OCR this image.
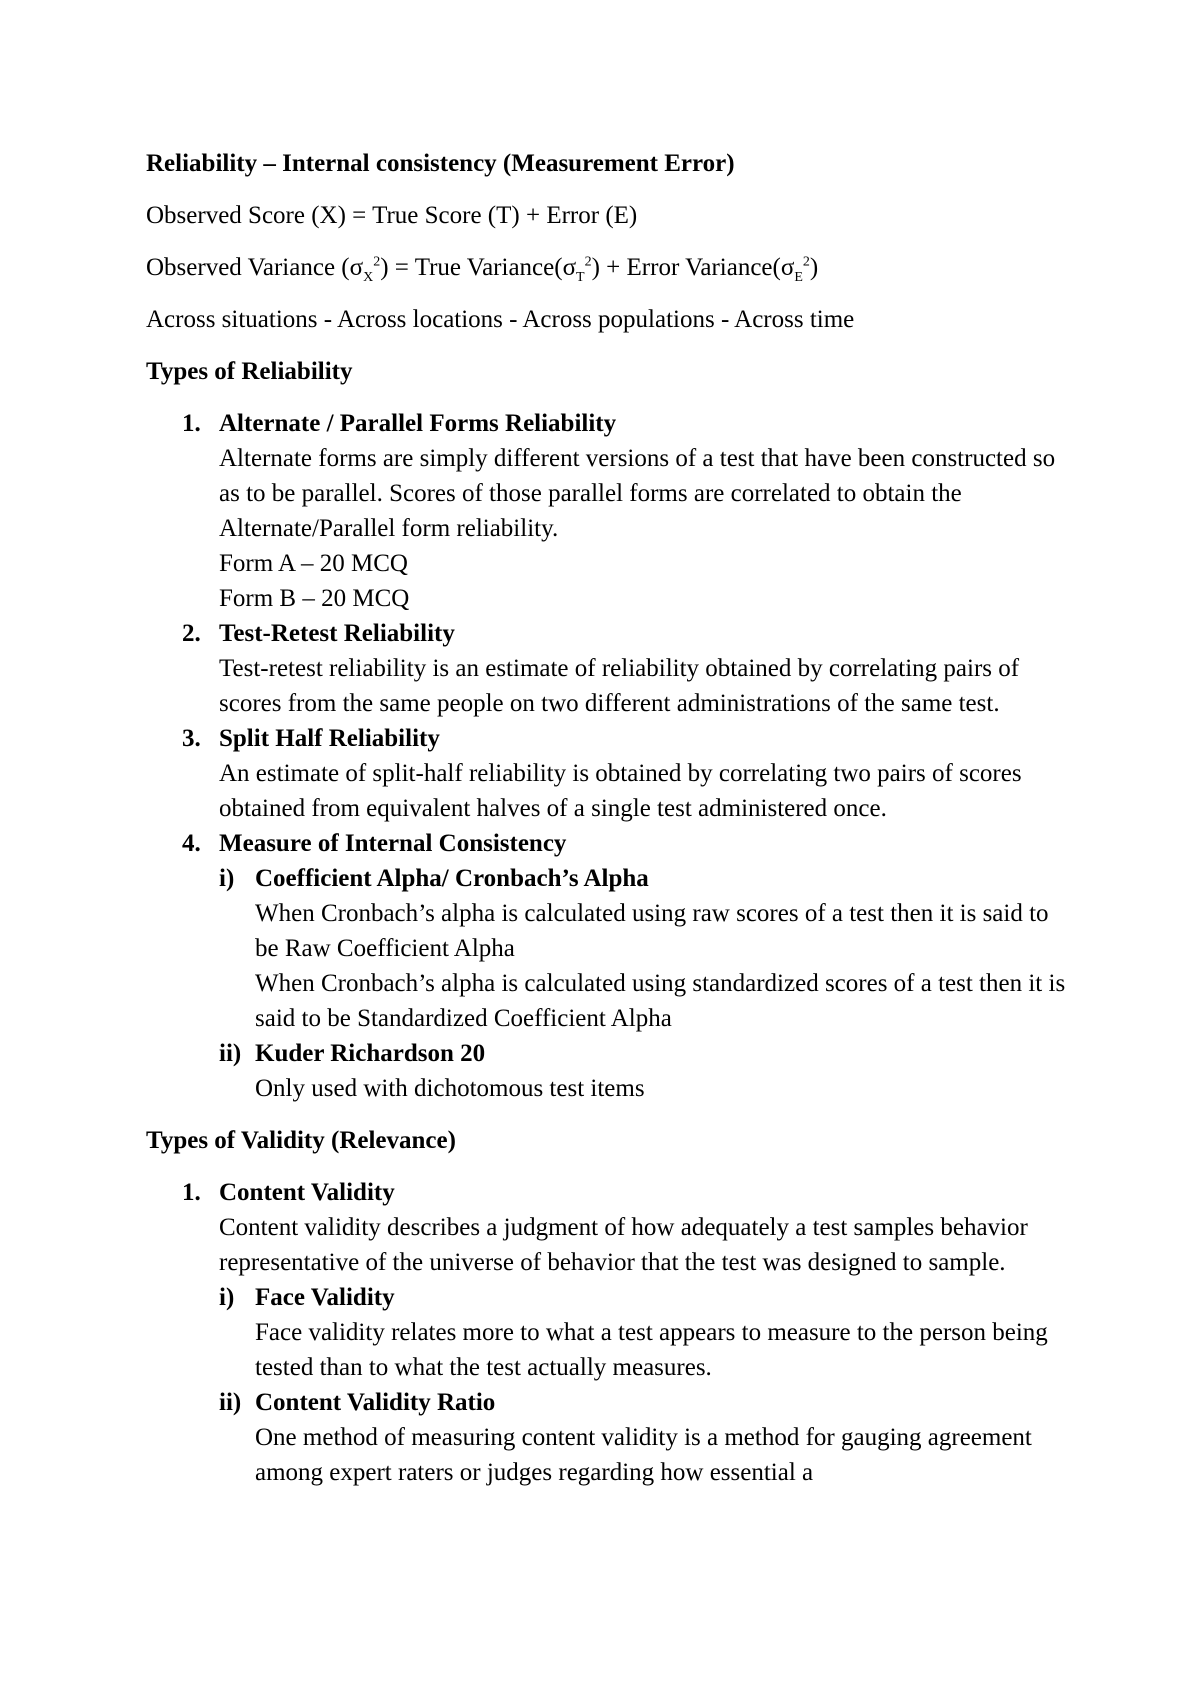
Reliability – Internal consistency (Measurement Error)

Observed Score (X) = True Score (T) + Error (E)

Observed Variance $(\sigma_X^2)$ = True $Variance(\sigma_T^2)$ + Error $Variance(\sigma_E^2)$

Across situations - Across locations - Across populations - Across time

Types of Reliability

1. Alternate / Parallel Forms Reliability
Alternate forms are simply different versions of a test that have been constructed so as to be parallel. Scores of those parallel forms are correlated to obtain the Alternate/Parallel form reliability.
Form A – 20 MCQ
Form B – 20 MCQ
2. Test-Retest Reliability
Test-retest reliability is an estimate of reliability obtained by correlating pairs of scores from the same people on two different administrations of the same test.
3. Split Half Reliability
An estimate of split-half reliability is obtained by correlating two pairs of scores obtained from equivalent halves of a single test administered once.
4. Measure of Internal Consistency
i) Coefficient Alpha/ Cronbach’s Alpha
When Cronbach’s alpha is calculated using raw scores of a test then it is said to be Raw Coefficient Alpha
When Cronbach’s alpha is calculated using standardized scores of a test then it is said to be Standardized Coefficient Alpha
ii) Kuder Richardson 20
Only used with dichotomous test items

Types of Validity (Relevance)

1. Content Validity
Content validity describes a judgment of how adequately a test samples behavior representative of the universe of behavior that the test was designed to sample.
i) Face Validity
Face validity relates more to what a test appears to measure to the person being tested than to what the test actually measures.
ii) Content Validity Ratio
One method of measuring content validity is a method for gauging agreement among expert raters or judges regarding how essential a
